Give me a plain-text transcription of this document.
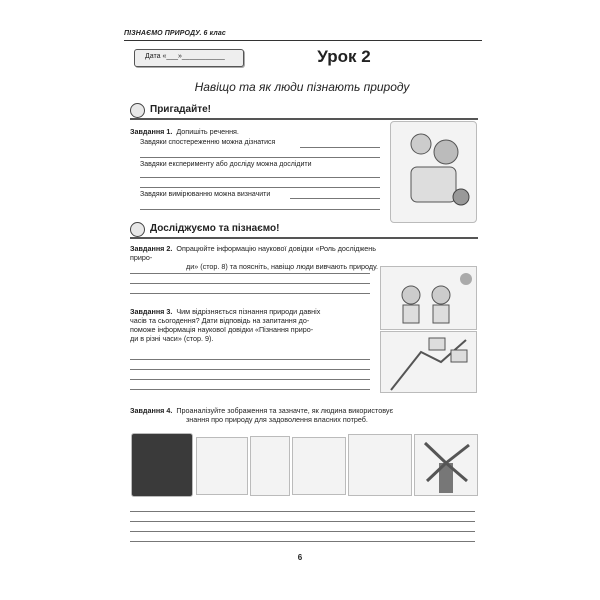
ПІЗНАЄМО ПРИРОДУ. 6 клас
Дата «___»___________	Урок 2
Навіщо та як люди пізнають природу
Пригадайте!
Завдання 1. Допишіть речення.
Завдяки спостереженню можна дізнатися
Завдяки експерименту або досліду можна дослідити
Завдяки вимірюванню можна визначити
Досліджуємо та пізнаємо!
Завдання 2. Опрацюйте інформацію наукової довідки «Роль досліджень приро-
ди» (стор. 8) та поясніть, навіщо люди вивчають природу.
Завдання 3. Чим відрізняється пізнання природи давніх
часів та сьогодення? Дати відповідь на запитання до-
поможе інформація наукової довідки «Пізнання приро-
ди в різні часи» (стор. 9).
Завдання 4. Проаналізуйте зображення та зазначте, як людина використовує
знання про природу для задоволення власних потреб.
6
